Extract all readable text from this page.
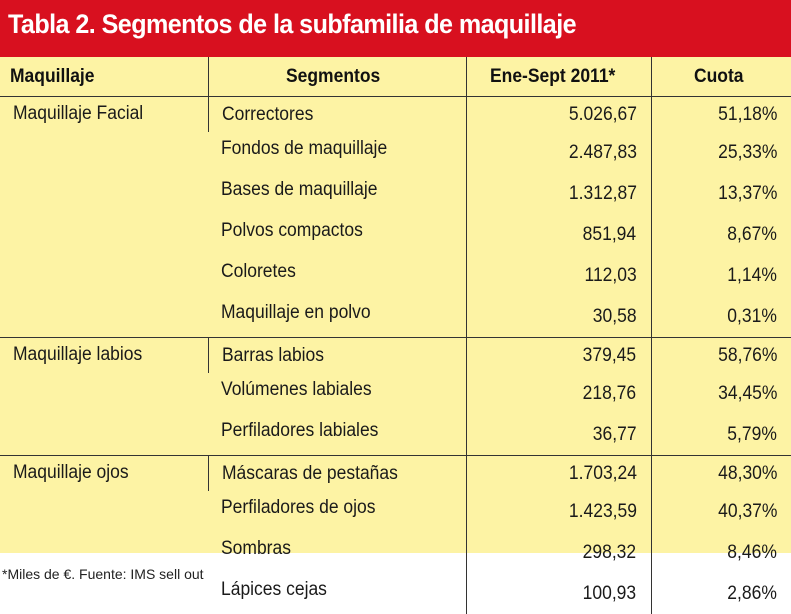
Tabla 2. Segmentos de la subfamilia de maquillaje
Maquillaje	Segmentos	Ene-Sept 2011*	Cuota
Maquillaje Facial	Correctores	5.026,67	51,18%
	Fondos de maquillaje	2.487,83	25,33%
	Bases de maquillaje	1.312,87	13,37%
	Polvos compactos	851,94	8,67%
	Coloretes	112,03	1,14%
	Maquillaje en polvo	30,58	0,31%
Maquillaje labios	Barras labios	379,45	58,76%
	Volúmenes labiales	218,76	34,45%
	Perfiladores labiales	36,77	5,79%
Maquillaje ojos	Máscaras de pestañas	1.703,24	48,30%
	Perfiladores de ojos	1.423,59	40,37%
	Sombras	298,32	8,46%
	Lápices cejas	100,93	2,86%
*Miles de €. Fuente: IMS sell out
